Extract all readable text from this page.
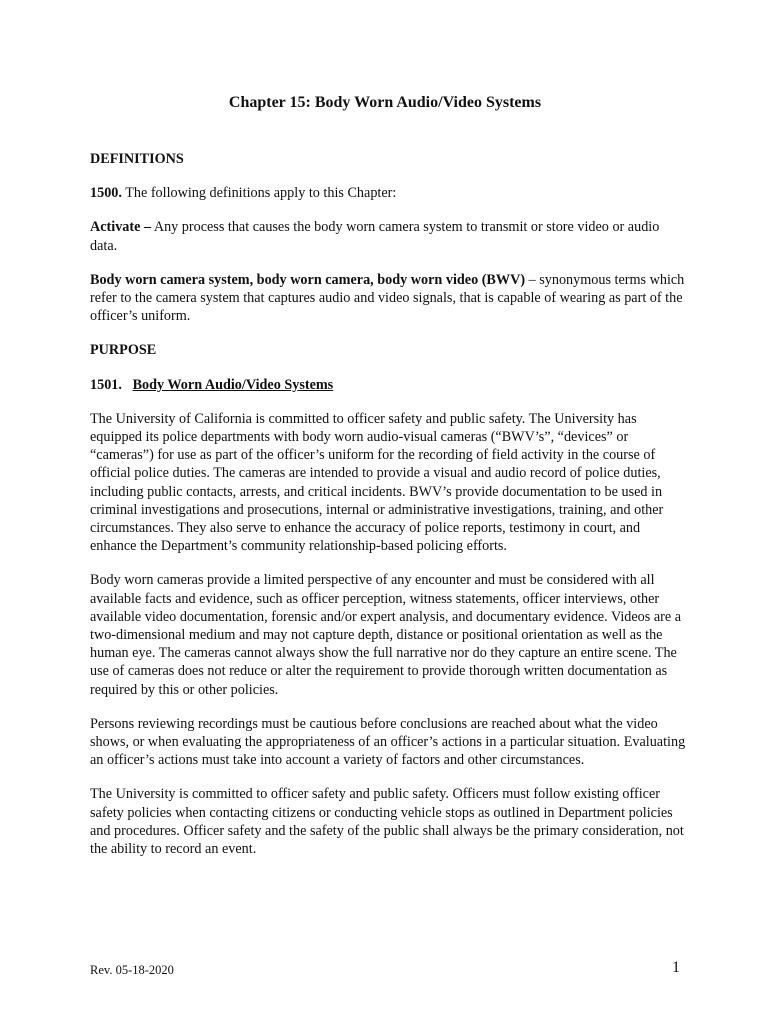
Chapter 15: Body Worn Audio/Video Systems

DEFINITIONS

1500. The following definitions apply to this Chapter:

Activate – Any process that causes the body worn camera system to transmit or store video or audio data.

Body worn camera system, body worn camera, body worn video (BWV) – synonymous terms which refer to the camera system that captures audio and video signals, that is capable of wearing as part of the officer’s uniform.

PURPOSE

1501. Body Worn Audio/Video Systems

The University of California is committed to officer safety and public safety. The University has equipped its police departments with body worn audio-visual cameras (“BWV’s”, “devices” or “cameras”) for use as part of the officer’s uniform for the recording of field activity in the course of official police duties. The cameras are intended to provide a visual and audio record of police duties, including public contacts, arrests, and critical incidents. BWV’s provide documentation to be used in criminal investigations and prosecutions, internal or administrative investigations, training, and other circumstances. They also serve to enhance the accuracy of police reports, testimony in court, and enhance the Department’s community relationship-based policing efforts.

Body worn cameras provide a limited perspective of any encounter and must be considered with all available facts and evidence, such as officer perception, witness statements, officer interviews, other available video documentation, forensic and/or expert analysis, and documentary evidence. Videos are a two-dimensional medium and may not capture depth, distance or positional orientation as well as the human eye. The cameras cannot always show the full narrative nor do they capture an entire scene. The use of cameras does not reduce or alter the requirement to provide thorough written documentation as required by this or other policies.

Persons reviewing recordings must be cautious before conclusions are reached about what the video shows, or when evaluating the appropriateness of an officer’s actions in a particular situation. Evaluating an officer’s actions must take into account a variety of factors and other circumstances.

The University is committed to officer safety and public safety. Officers must follow existing officer safety policies when contacting citizens or conducting vehicle stops as outlined in Department policies and procedures. Officer safety and the safety of the public shall always be the primary consideration, not the ability to record an event.

Rev. 05-18-2020	1
